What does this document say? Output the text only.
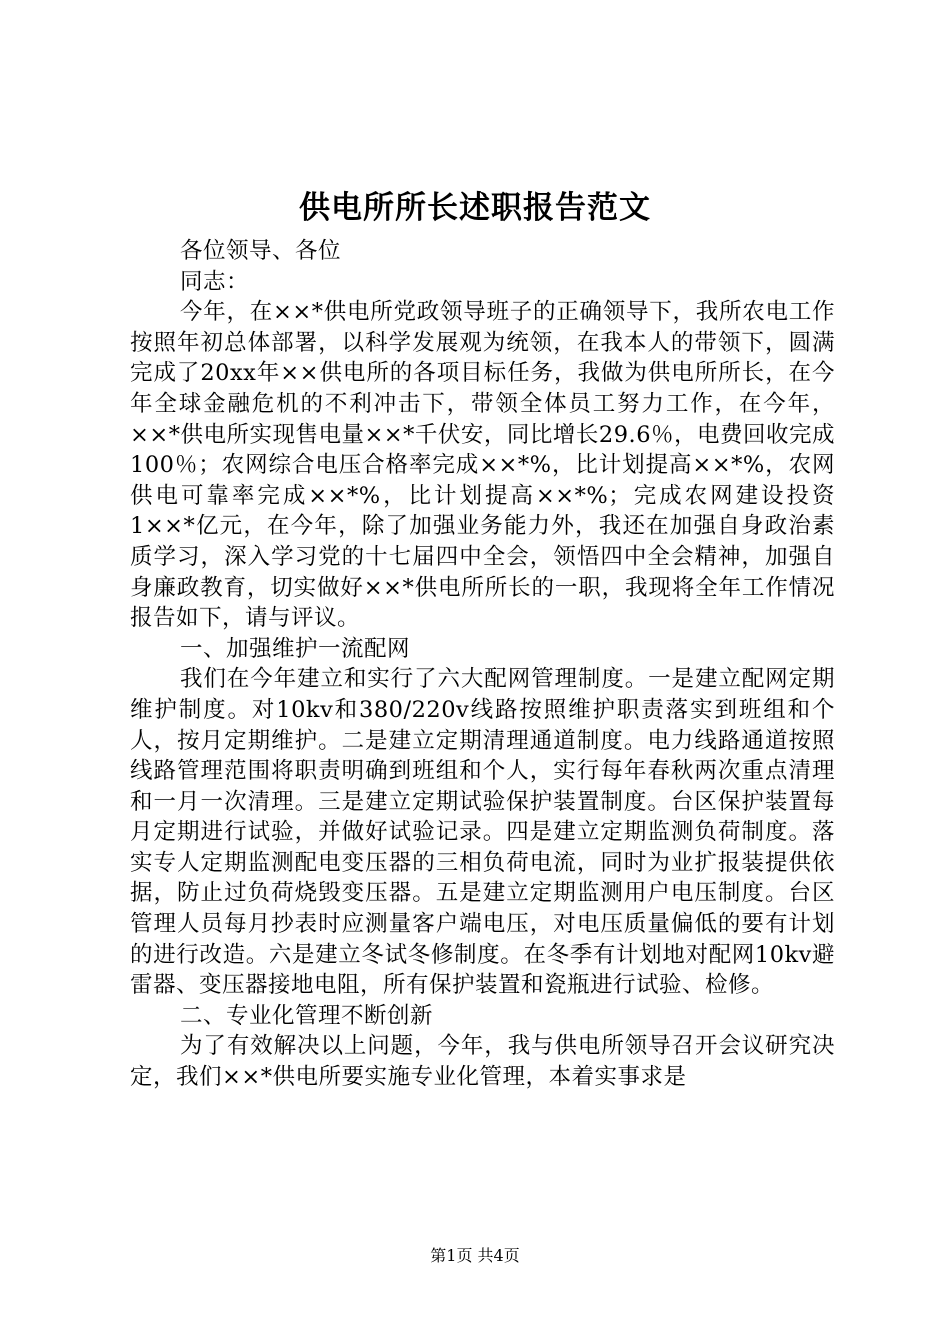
供电所所长述职报告范文

各位领导、各位

同志：

今年，在××*供电所党政领导班子的正确领导下，我所农电工作按照年初总体部署，以科学发展观为统领，在我本人的带领下，圆满完成了20xx年××供电所的各项目标任务，我做为供电所所长，在今年全球金融危机的不利冲击下，带领全体员工努力工作，在今年，××*供电所实现售电量××*千伏安，同比增长29.6％，电费回收完成100％；农网综合电压合格率完成××*%，比计划提高××*%，农网供电可靠率完成××*%，比计划提高××*%；完成农网建设投资1××*亿元，在今年，除了加强业务能力外，我还在加强自身政治素质学习，深入学习党的十七届四中全会，领悟四中全会精神，加强自身廉政教育，切实做好××*供电所所长的一职，我现将全年工作情况报告如下，请与评议。

一、加强维护一流配网

我们在今年建立和实行了六大配网管理制度。一是建立配网定期维护制度。对10kv和380/220v线路按照维护职责落实到班组和个人，按月定期维护。二是建立定期清理通道制度。电力线路通道按照线路管理范围将职责明确到班组和个人，实行每年春秋两次重点清理和一月一次清理。三是建立定期试验保护装置制度。台区保护装置每月定期进行试验，并做好试验记录。四是建立定期监测负荷制度。落实专人定期监测配电变压器的三相负荷电流，同时为业扩报装提供依据，防止过负荷烧毁变压器。五是建立定期监测用户电压制度。台区管理人员每月抄表时应测量客户端电压，对电压质量偏低的要有计划的进行改造。六是建立冬试冬修制度。在冬季有计划地对配网10kv避雷器、变压器接地电阻，所有保护装置和瓷瓶进行试验、检修。

二、专业化管理不断创新

为了有效解决以上问题，今年，我与供电所领导召开会议研究决定，我们××*供电所要实施专业化管理，本着实事求是

第1页 共4页
